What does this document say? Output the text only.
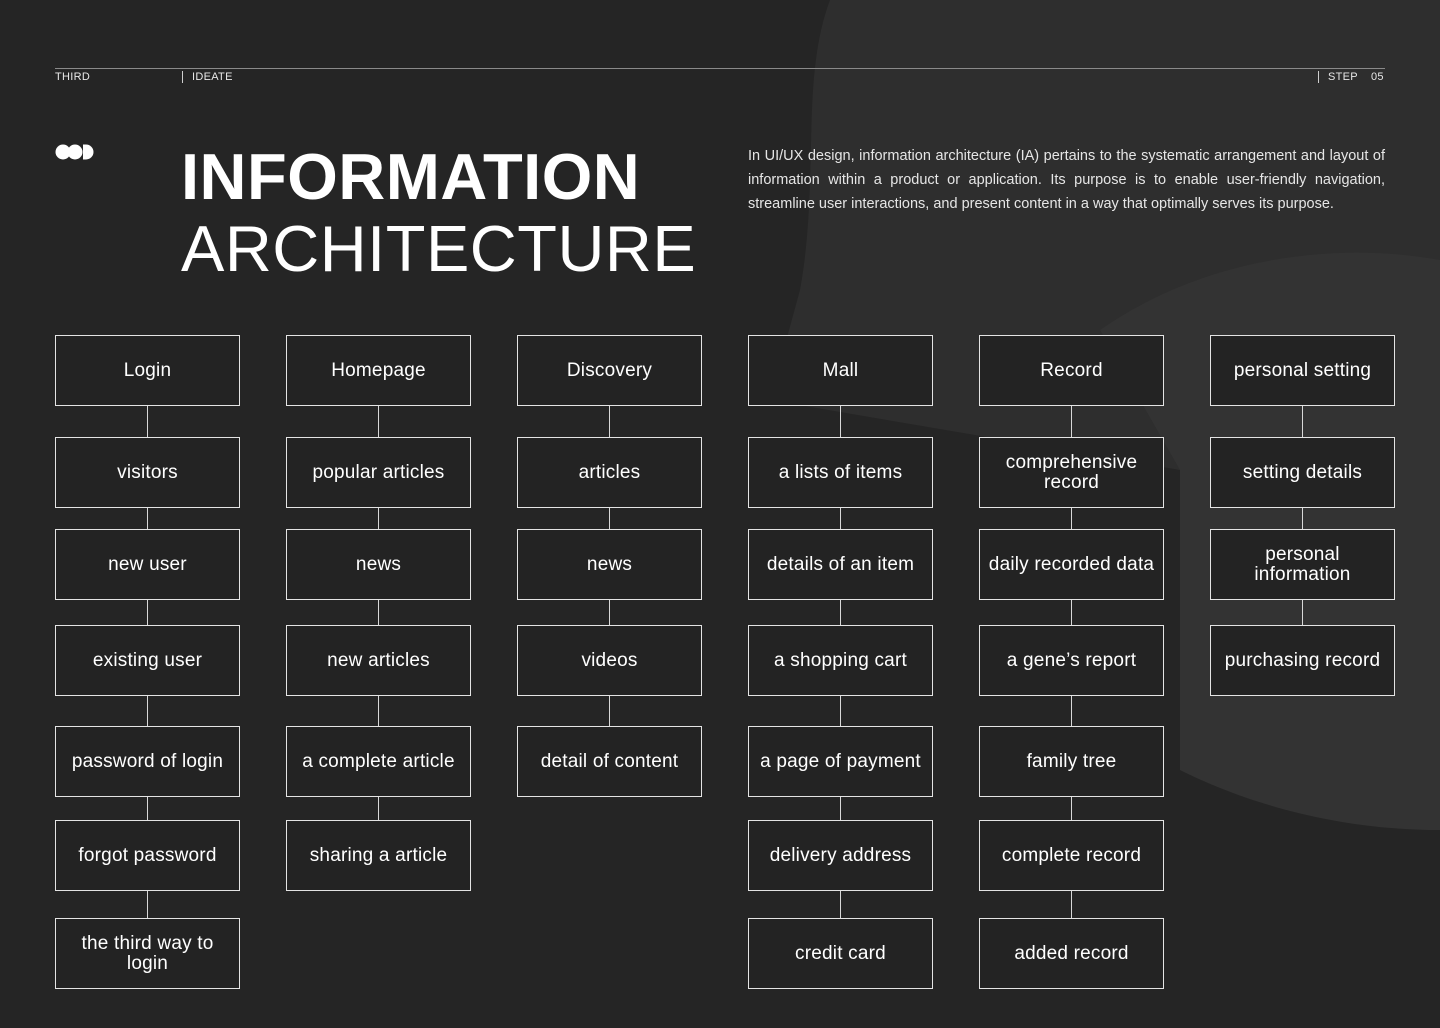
THIRD	IDEATE	STEP 05
INFORMATION
ARCHITECTURE
In UI/UX design, information architecture (IA) pertains to the systematic arrangement and layout of information within a product or application. Its purpose is to enable user-friendly navigation, streamline user interactions, and present content in a way that optimally serves its purpose.
Login
visitors
new user
existing user
password of login
forgot password
the third way to login
Homepage
popular articles
news
new articles
a complete article
sharing a article
Discovery
articles
news
videos
detail of content
Mall
a lists of items
details of an item
a shopping cart
a page of payment
delivery address
credit card
Record
comprehensive record
daily recorded data
a gene’s report
family tree
complete record
added record
personal setting
setting details
personal information
purchasing record
